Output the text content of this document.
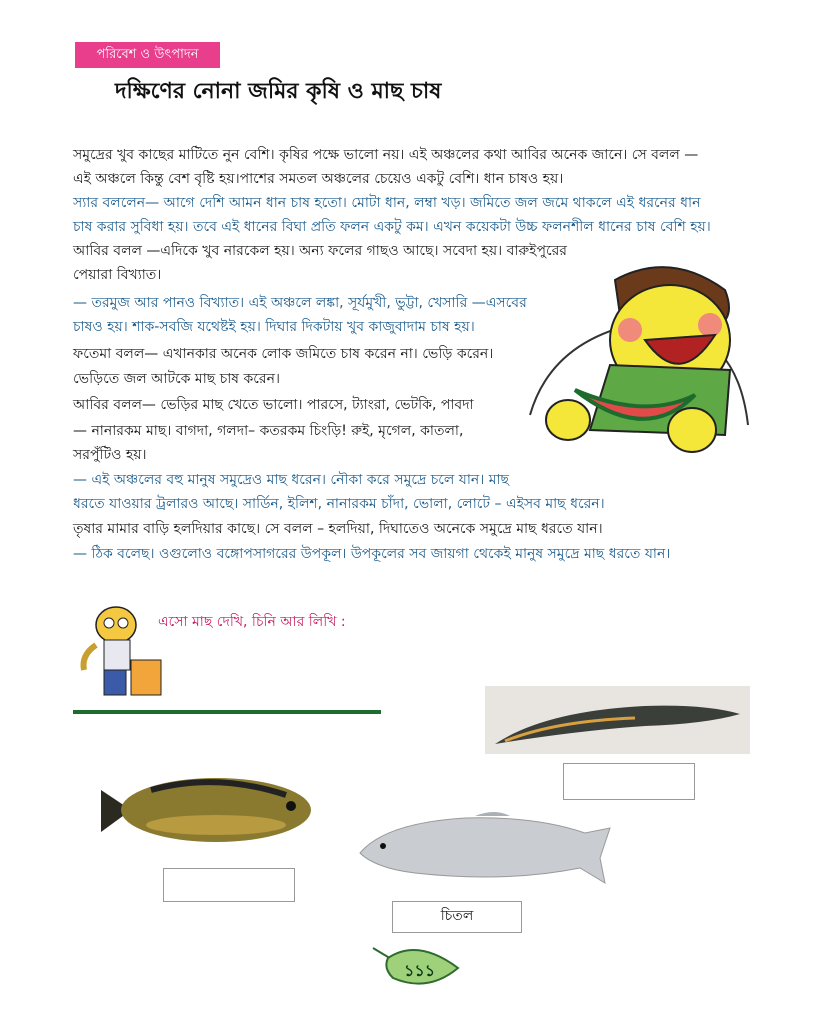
পরিবেশ ও উৎপাদন
দক্ষিণের নোনা জমির কৃষি ও মাছ চাষ
সমুদ্রের খুব কাছের মাটিতে নুন বেশি। কৃষির পক্ষে ভালো নয়। এই অঞ্চলের কথা আবির অনেক জানে। সে বলল —
এই অঞ্চলে কিন্তু বেশ বৃষ্টি হয়।পাশের সমতল অঞ্চলের চেয়েও একটু বেশি। ধান চাষও হয়।
স্যার বললেন— আগে দেশি আমন ধান চাষ হতো। মোটা ধান, লম্বা খড়। জমিতে জল জমে থাকলে এই ধরনের ধান
চাষ করার সুবিধা হয়। তবে এই ধানের বিঘা প্রতি ফলন একটু কম। এখন কয়েকটা উচ্চ ফলনশীল ধানের চাষ বেশি হয়।
আবির বলল —এদিকে খুব নারকেল হয়। অন্য ফলের গাছও আছে। সবেদা হয়। বারুইপুরের
পেয়ারা বিখ্যাত।
— তরমুজ আর পানও বিখ্যাত। এই অঞ্চলে লঙ্কা, সূর্যমুখী, ভুট্টা, খেসারি —এসবের
চাষও হয়। শাক-সবজি যথেষ্টই হয়। দিঘার দিকটায় খুব কাজুবাদাম চাষ হয়।
ফতেমা বলল— এখানকার অনেক লোক জমিতে চাষ করেন না। ভেড়ি করেন।
ভেড়িতে জল আটকে মাছ চাষ করেন।
আবির বলল— ভেড়ির মাছ খেতে ভালো। পারসে, ট্যাংরা, ভেটকি, পাবদা
— নানারকম মাছ। বাগদা, গলদা– কতরকম চিংড়ি! রুই, মৃগেল, কাতলা,
সরপুঁটিও হয়।
— এই অঞ্চলের বহু মানুষ সমুদ্রেও মাছ ধরেন। নৌকা করে সমুদ্রে চলে যান। মাছ
ধরতে যাওয়ার ট্রলারও আছে। সার্ডিন, ইলিশ, নানারকম চাঁদা, ভোলা, লোটে – এইসব মাছ ধরেন।
তৃষার মামার বাড়ি হলদিয়ার কাছে। সে বলল – হলদিয়া, দিঘাতেও অনেকে সমুদ্রে মাছ ধরতে যান।
— ঠিক বলেছ। ওগুলোও বঙ্গোপসাগরের উপকূল। উপকূলের সব জায়গা থেকেই মানুষ সমুদ্রে মাছ ধরতে যান।
এসো মাছ দেখি, চিনি আর লিখি :
চিতল
১১১
